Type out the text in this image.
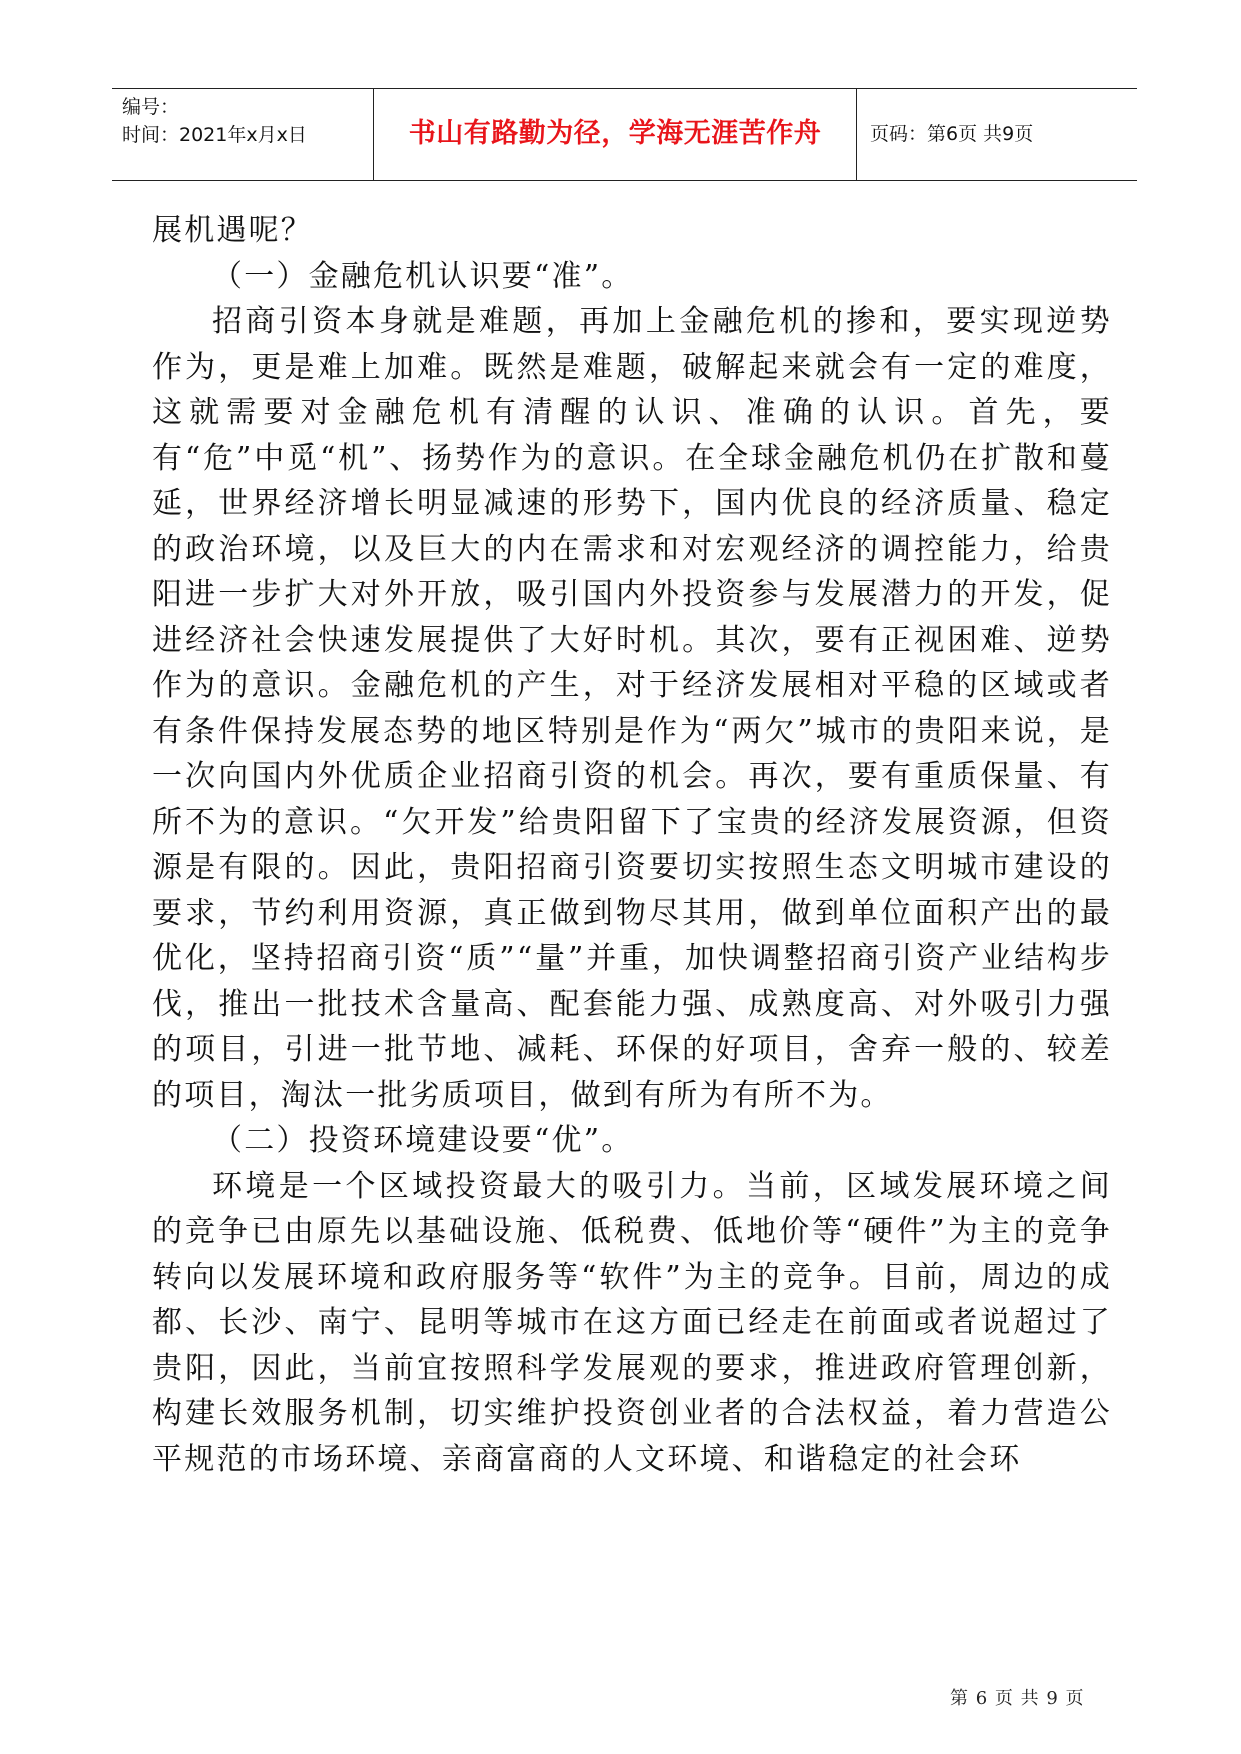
编号：
时间：2021年x月x日	书山有路勤为径，学海无涯苦作舟	页码：第6页 共9页

展机遇呢？

（一）金融危机认识要“准”。

招商引资本身就是难题，再加上金融危机的掺和，要实现逆势作为，更是难上加难。既然是难题，破解起来就会有一定的难度，这就需要对金融危机有清醒的认识、准确的认识。首先，要有“危”中觅“机”、扬势作为的意识。在全球金融危机仍在扩散和蔓延，世界经济增长明显减速的形势下，国内优良的经济质量、稳定的政治环境，以及巨大的内在需求和对宏观经济的调控能力，给贵阳进一步扩大对外开放，吸引国内外投资参与发展潜力的开发，促进经济社会快速发展提供了大好时机。其次，要有正视困难、逆势作为的意识。金融危机的产生，对于经济发展相对平稳的区域或者有条件保持发展态势的地区特别是作为“两欠”城市的贵阳来说，是一次向国内外优质企业招商引资的机会。再次，要有重质保量、有所不为的意识。“欠开发”给贵阳留下了宝贵的经济发展资源，但资源是有限的。因此，贵阳招商引资要切实按照生态文明城市建设的要求，节约利用资源，真正做到物尽其用，做到单位面积产出的最优化，坚持招商引资“质”“量”并重，加快调整招商引资产业结构步伐，推出一批技术含量高、配套能力强、成熟度高、对外吸引力强的项目，引进一批节地、减耗、环保的好项目，舍弃一般的、较差的项目，淘汰一批劣质项目，做到有所为有所不为。

（二）投资环境建设要“优”。

环境是一个区域投资最大的吸引力。当前，区域发展环境之间的竞争已由原先以基础设施、低税费、低地价等“硬件”为主的竞争转向以发展环境和政府服务等“软件”为主的竞争。目前，周边的成都、长沙、南宁、昆明等城市在这方面已经走在前面或者说超过了贵阳，因此，当前宜按照科学发展观的要求，推进政府管理创新，构建长效服务机制，切实维护投资创业者的合法权益，着力营造公平规范的市场环境、亲商富商的人文环境、和谐稳定的社会环

第 6 页 共 9 页
